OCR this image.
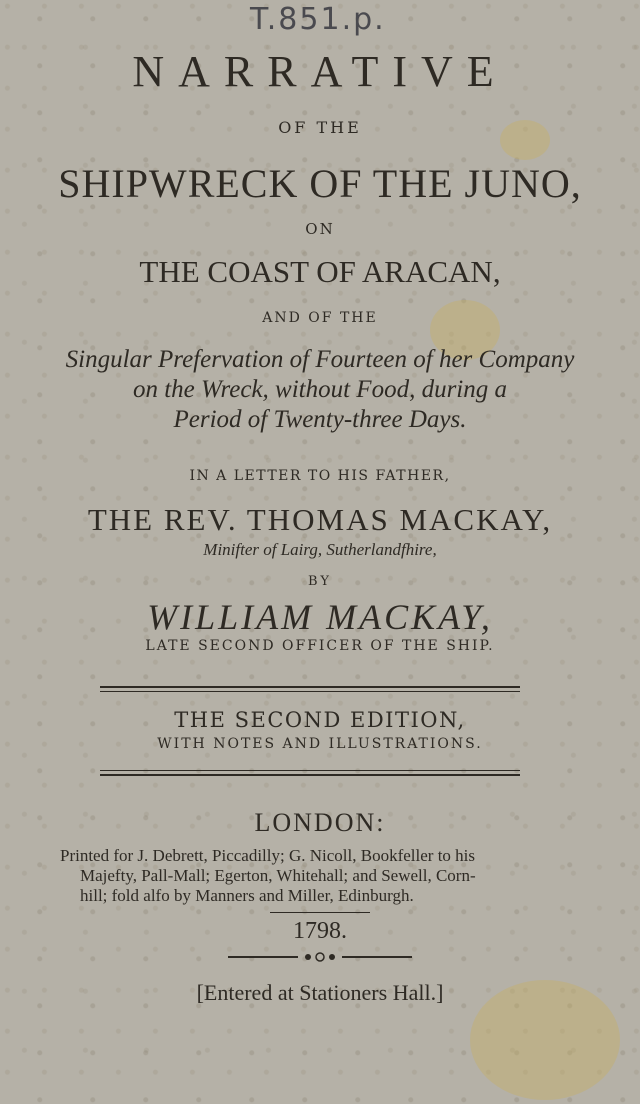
T.851.p.
NARRATIVE
OF THE
SHIPWRECK OF THE JUNO,
ON
THE COAST OF ARACAN,
AND OF THE
Singular Prefervation of Fourteen of her Company
on the Wreck, without Food, during a
Period of Twenty-three Days.
IN A LETTER TO HIS FATHER,
THE REV. THOMAS MACKAY,
Minifter of Lairg, Sutherlandfhire,
BY
WILLIAM MACKAY,
LATE SECOND OFFICER OF THE SHIP.
THE SECOND EDITION,
WITH NOTES AND ILLUSTRATIONS.
LONDON:
Printed for J. Debrett, Piccadilly; G. Nicoll, Bookfeller to his
Majefty, Pall-Mall; Egerton, Whitehall; and Sewell, Corn-
hill; fold alfo by Manners and Miller, Edinburgh.
1798.
[Entered at Stationers Hall.]
